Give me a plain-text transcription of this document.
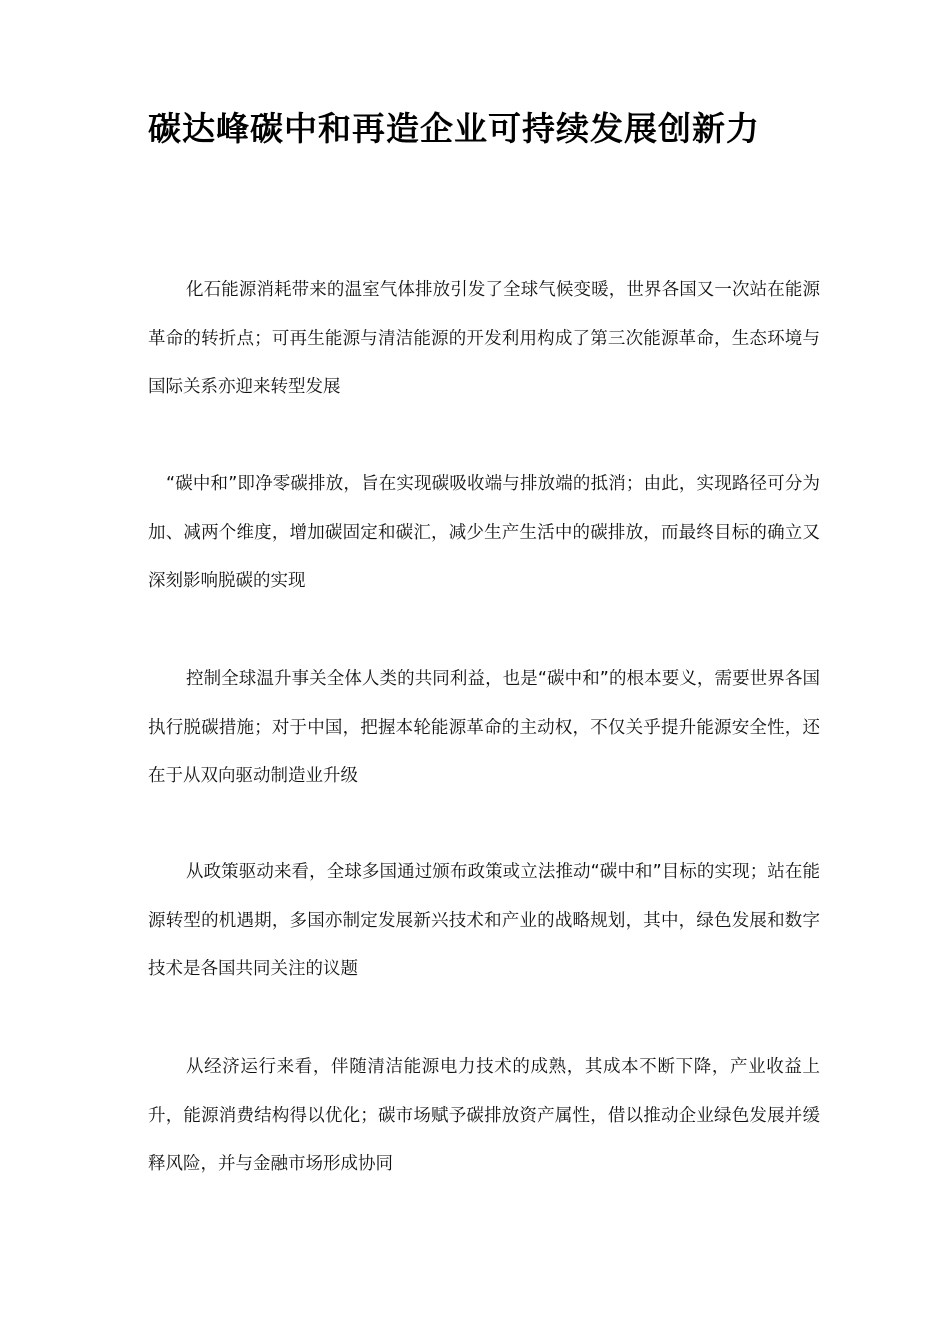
碳达峰碳中和再造企业可持续发展创新力

化石能源消耗带来的温室气体排放引发了全球气候变暖，世界各国又一次站在能源革命的转折点；可再生能源与清洁能源的开发利用构成了第三次能源革命，生态环境与国际关系亦迎来转型发展

“碳中和”即净零碳排放，旨在实现碳吸收端与排放端的抵消；由此，实现路径可分为加、减两个维度，增加碳固定和碳汇，减少生产生活中的碳排放，而最终目标的确立又深刻影响脱碳的实现

控制全球温升事关全体人类的共同利益，也是“碳中和”的根本要义，需要世界各国执行脱碳措施；对于中国，把握本轮能源革命的主动权，不仅关乎提升能源安全性，还在于从双向驱动制造业升级

从政策驱动来看，全球多国通过颁布政策或立法推动“碳中和”目标的实现；站在能源转型的机遇期，多国亦制定发展新兴技术和产业的战略规划，其中，绿色发展和数字技术是各国共同关注的议题

从经济运行来看，伴随清洁能源电力技术的成熟，其成本不断下降，产业收益上升，能源消费结构得以优化；碳市场赋予碳排放资产属性，借以推动企业绿色发展并缓释风险，并与金融市场形成协同
